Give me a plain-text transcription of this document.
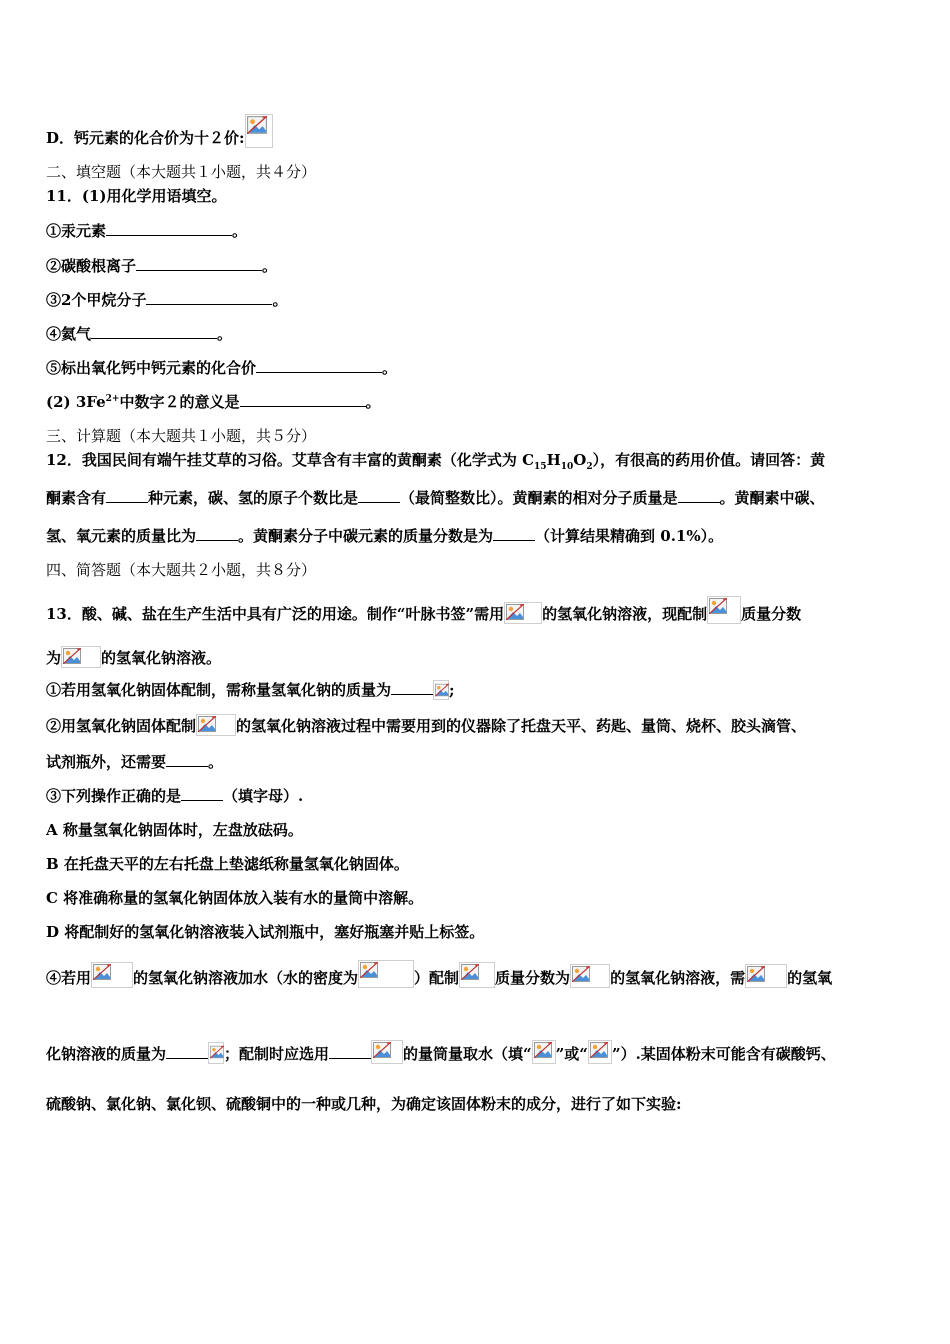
D．钙元素的化合价为十２价:
二、填空题（本大题共１小题，共４分）
11．(1)用化学用语填空。
①汞元素	。
②碳酸根离子	。
③2个甲烷分子	。
④氦气	。
⑤标出氧化钙中钙元素的化合价	。
(2) $3Fe^{2+}$中数字２的意义是	。
三、计算题（本大题共１小题，共５分）
12．我国民间有端午挂艾草的习俗。艾草含有丰富的黄酮素（化学式为 $C_{15}H_{10}O_2$），有很高的药用价值。请回答：黄
酮素含有	种元素，碳、氢的原子个数比是	（最简整数比）。黄酮素的相对分子质量是	。黄酮素中碳、
氢、氧元素的质量比为	。黄酮素分子中碳元素的质量分数是为	（计算结果精确到 0.1%）。
四、简答题（本大题共２小题，共８分）
13．酸、碱、盐在生产生活中具有广泛的用途。制作“叶脉书签”需用	的氢氧化钠溶液，现配制 质量分数
为	的氢氧化钠溶液。
①若用氢氧化钠固体配制，需称量氢氧化钠的质量为	;
②用氢氧化钠固体配制	的氢氧化钠溶液过程中需要用到的仪器除了托盘天平、药匙、量筒、烧杯、胶头滴管、
试剂瓶外，还需要	。
③下列操作正确的是	（填字母）.
A 称量氢氧化钠固体时，左盘放砝码。
B 在托盘天平的左右托盘上垫滤纸称量氢氧化钠固体。
C 将准确称量的氢氧化钠固体放入装有水的量筒中溶解。
D 将配制好的氢氧化钠溶液装入试剂瓶中，塞好瓶塞并贴上标签。
④若用	的氢氧化钠溶液加水（水的密度为	）配制 质量分数为	的氢氧化钠溶液，需	的氢氧
化钠溶液的质量为	；配制时应选用	的量筒量取水（填“ ”或“ ”）.某固体粉末可能含有碳酸钙、
硫酸钠、氯化钠、氯化钡、硫酸铜中的一种或几种，为确定该固体粉末的成分，进行了如下实验:
